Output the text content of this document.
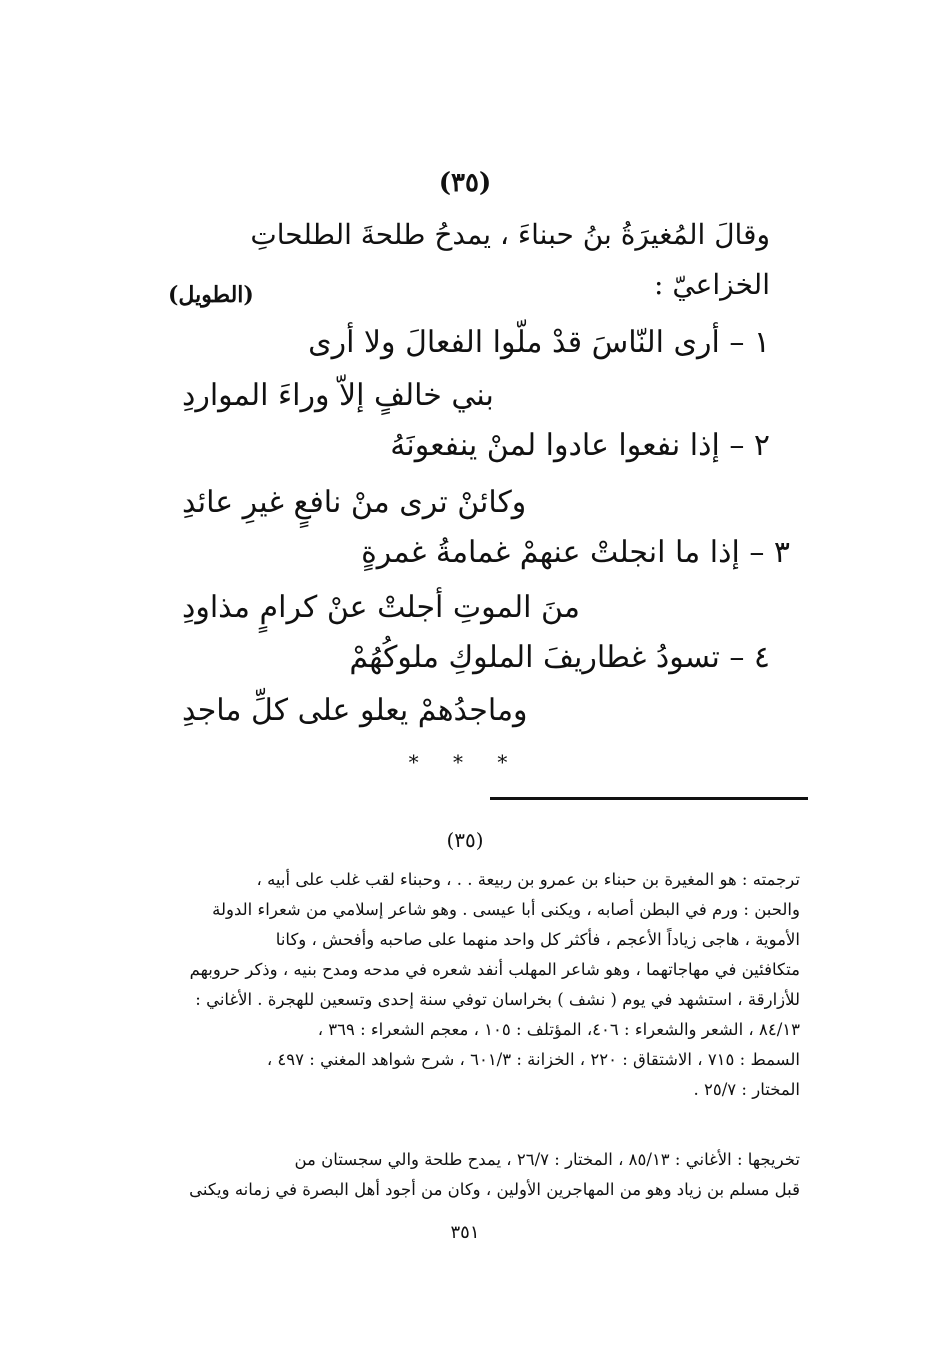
(٣٥)
وقالَ المُغيرَةُ بنُ حبناءَ ، يمدحُ طلحةَ الطلحاتِ
الخزاعيّ :
(الطويل)
١ – أرى النّاسَ قدْ ملّوا الفعالَ ولا أرى
بني خالفٍ إلاّ وراءَ المواردِ
٢ – إذا نفعوا عادوا لمنْ ينفعونَهُ
وكائنْ ترى منْ نافعٍ غيرِ عائدِ
٣ – إذا ما انجلتْ عنهمْ غمامةُ غمرةٍ
منَ الموتِ أجلتْ عنْ كرامٍ مذاودِ
٤ – تسودُ غطاريفَ الملوكِ ملوكُهُمْ
وماجدُهمْ يعلو على كلِّ ماجدِ
* * *
(٣٥)
ترجمته : هو المغيرة بن حبناء بن عمرو بن ربيعة . . ، وحبناء لقب غلب على أبيه ،
والحبن : ورم في البطن أصابه ، ويكنى أبا عيسى . وهو شاعر إسلامي من شعراء الدولة
الأموية ، هاجى زياداً الأعجم ، فأكثر كل واحد منهما على صاحبه وأفحش ، وكانا
متكافئين في مهاجاتهما ، وهو شاعر المهلب أنفد شعره في مدحه ومدح بنيه ، وذكر حروبهم
للأزارقة ، استشهد في يوم ( نشف ) بخراسان توفي سنة إحدى وتسعين للهجرة . الأغاني :
٨٤/١٣ ، الشعر والشعراء : ٤٠٦، المؤتلف : ١٠٥ ، معجم الشعراء : ٣٦٩ ،
السمط : ٧١٥ ، الاشتقاق : ٢٢٠ ، الخزانة : ٦٠١/٣ ، شرح شواهد المغني : ٤٩٧ ،
المختار : ٢٥/٧ .
تخريجها : الأغاني : ٨٥/١٣ ، المختار : ٢٦/٧ ، يمدح طلحة والي سجستان من
قبل مسلم بن زياد وهو من المهاجرين الأولين ، وكان من أجود أهل البصرة في زمانه ويكنى
٣٥١
